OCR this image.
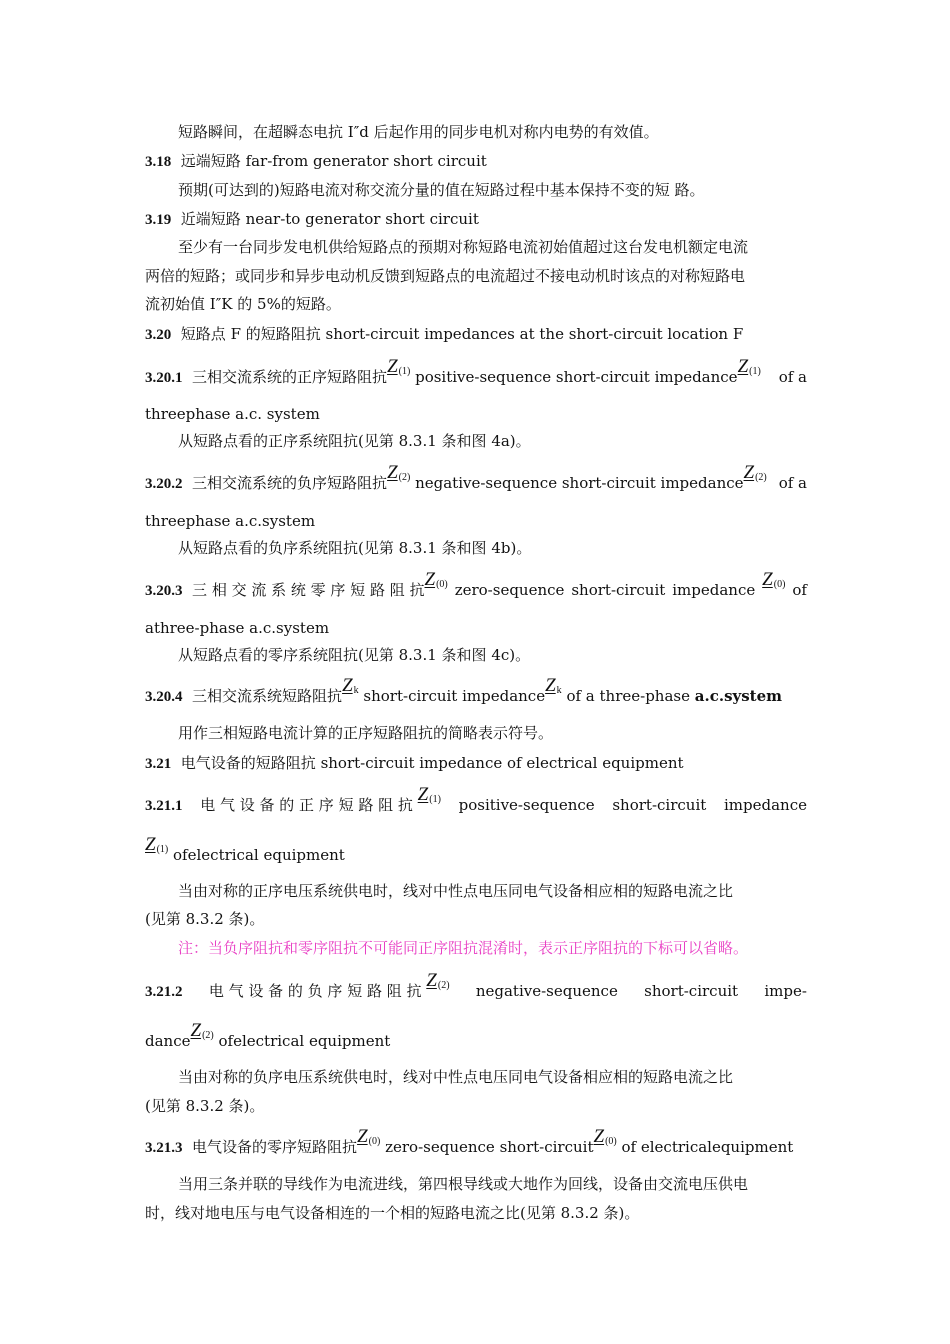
短路瞬间，在超瞬态电抗 I″d 后起作用的同步电机对称内电势的有效值。
3.18 远端短路 far-from generator short circuit
预期(可达到的)短路电流对称交流分量的值在短路过程中基本保持不变的短 路。
3.19 近端短路 near-to generator short circuit
至少有一台同步发电机供给短路点的预期对称短路电流初始值超过这台发电机额定电流
两倍的短路；或同步和异步电动机反馈到短路点的电流超过不接电动机时该点的对称短路电
流初始值 I″K 的 5%的短路。
3.20 短路点 F 的短路阻抗 short-circuit impedances at the short-circuit location F
3.20.1 三相交流系统的正序短路阻抗$Z^{(1)}$ positive-sequence short-circuit impedanceZ$^{(1)}$ of a
threephase a.c. system
从短路点看的正序系统阻抗(见第 8.3.1 条和图 4a)。
3.20.2 三相交流系统的负序短路阻抗$Z^{(2)}$ negative-sequence short-circuit impedanceZ$^{(2)}$ of a
threephase a.c.system
从短路点看的负序系统阻抗(见第 8.3.1 条和图 4b)。
3.20.3 三 相 交 流 系 统 零 序 短 路 阻 抗$Z^{(0)}$ zero-sequence short-circuit impedance $Z^{(0)}$ of
athree-phase a.c.system
从短路点看的零序系统阻抗(见第 8.3.1 条和图 4c)。
3.20.4 三相交流系统短路阻抗$Z^k$ short-circuit impedanceZ$^k$ of a three-phase a.c.system
用作三相短路电流计算的正序短路阻抗的简略表示符号。
3.21 电气设备的短路阻抗 short-circuit impedance of electrical equipment
3.21.1 电 气 设 备 的 正 序 短 路 阻 抗 $Z^{(1)}$ positive-sequence short-circuit impedance
$Z^{(1)}$ ofelectrical equipment
当由对称的正序电压系统供电时，线对中性点电压同电气设备相应相的短路电流之比
(见第 8.3.2 条)。
注：当负序阻抗和零序阻抗不可能同正序阻抗混淆时，表示正序阻抗的下标可以省略。
3.21.2 电 气 设 备 的 负 序 短 路 阻 抗 $Z^{(2)}$ negative-sequence short-circuit impe-
danceZ$^{(2)}$ ofelectrical equipment
当由对称的负序电压系统供电时，线对中性点电压同电气设备相应相的短路电流之比
(见第 8.3.2 条)。
3.21.3 电气设备的零序短路阻抗$Z^{(0)}$ zero-sequence short-circuitZ$^{(0)}$ of electricalequipment
当用三条并联的导线作为电流进线，第四根导线或大地作为回线，设备由交流电压供电
时，线对地电压与电气设备相连的一个相的短路电流之比(见第 8.3.2 条)。
